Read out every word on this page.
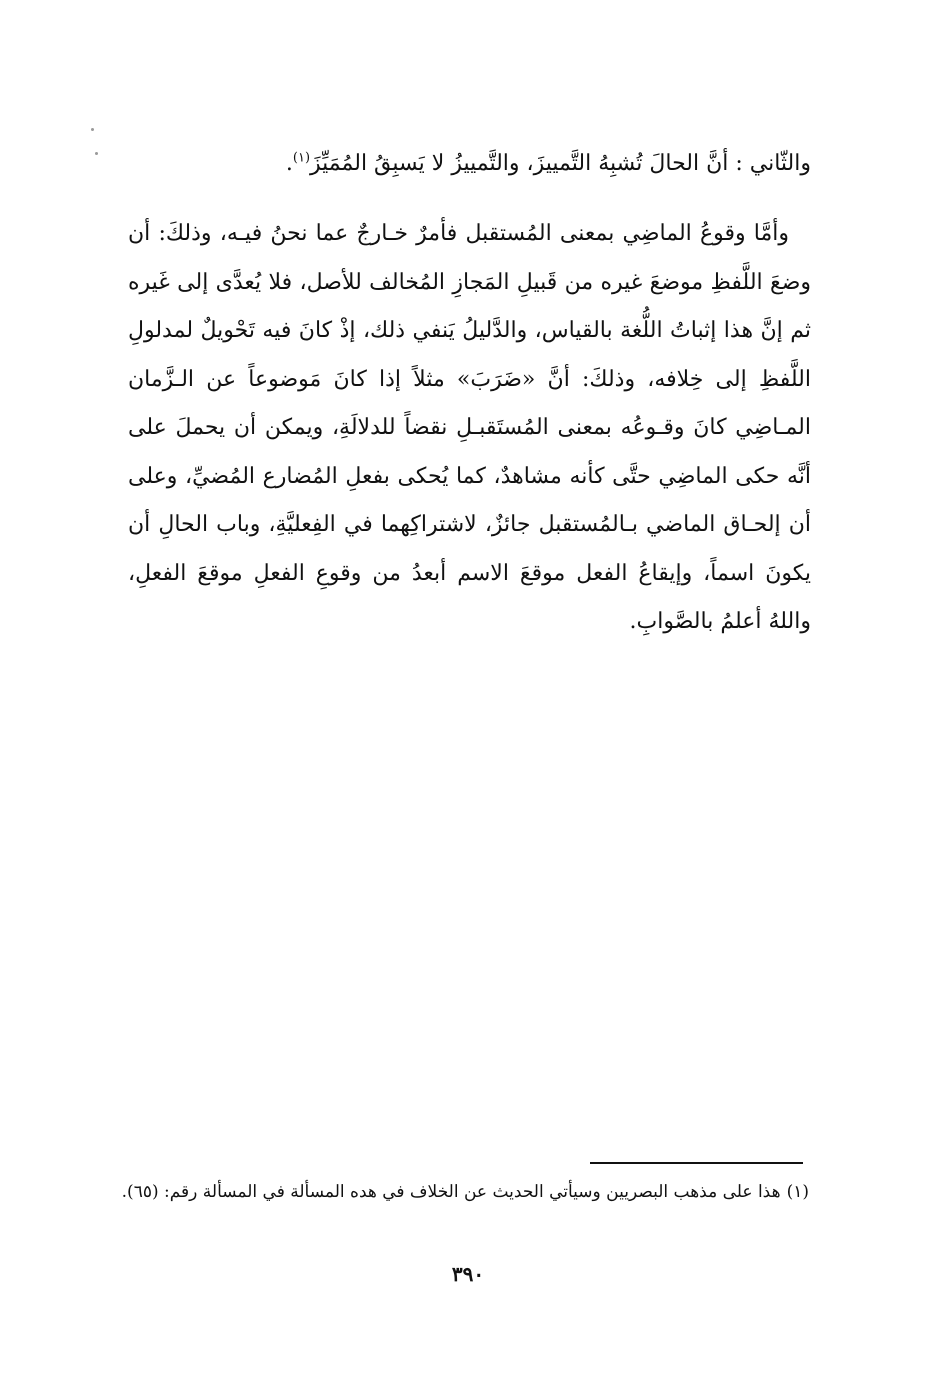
والثّاني : أنَّ الحالَ تُشبِهُ التَّمييزَ، والتَّمييزُ لا يَسبِقُ المُمَيِّزَ$^{(١)}$.

وأمَّا وقوعُ الماضِي بمعنى المُستقبل فأمرٌ خـارجٌ عما نحنُ فيـه، وذلكَ: أن وضعَ اللَّفظِ موضعَ غيره من قَبيلِ المَجازِ المُخالف للأصل، فلا يُعدَّى إلى غَيره ثم إنَّ هذا إثباتُ اللُّغة بالقياس، والدَّليلُ يَنفي ذلك، إذْ كانَ فيه تَحْويلٌ لمدلولِ اللَّفظِ إلى خِلافه، وذلكَ: أنَّ «ضَرَبَ» مثلاً إذا كانَ مَوضوعاً عن الـزَّمان المـاضِي كانَ وقـوعُه بمعنى المُستَقبـلِ نقضاً للدلالَةِ، ويمكن أن يحملَ على أنَّه حكى الماضِي حتَّى كأنه مشاهدٌ، كما يُحكى بفعلِ المُضارع المُضيِّ، وعلى أن إلحـاق الماضي بـالمُستقبل جائزٌ، لاشتراكِهما في الفِعليَّةِ، وباب الحالِ أن يكونَ اسماً، وإيقاعُ الفعل موقعَ الاسم أبعدُ من وقوعِ الفعلِ موقعَ الفعلِ، واللهُ أعلمُ بالصَّوابِ.

(١)هذا على مذهب البصريين وسيأتي الحديث عن الخلاف في هده المسألة في المسألة رقم: (٦٥).

٣٩٠
